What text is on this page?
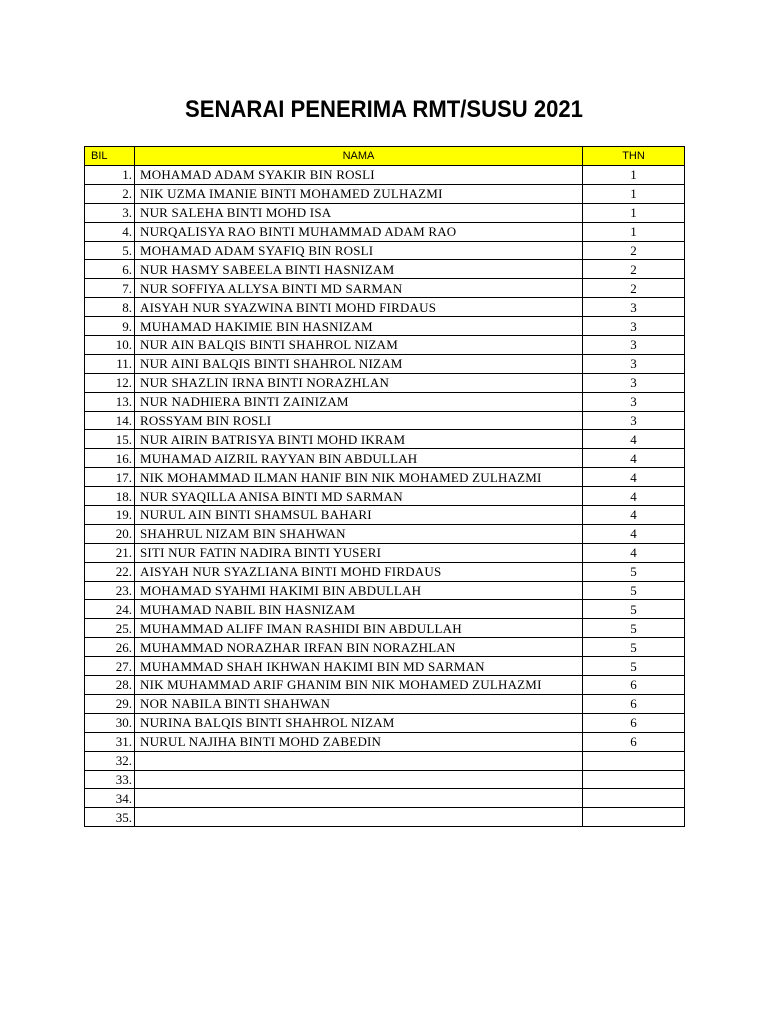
SENARAI PENERIMA RMT/SUSU 2021
BIL	NAMA	THN
1.	MOHAMAD ADAM SYAKIR BIN ROSLI	1
2.	NIK UZMA IMANIE BINTI MOHAMED ZULHAZMI	1
3.	NUR SALEHA BINTI MOHD ISA	1
4.	NURQALISYA RAO BINTI MUHAMMAD ADAM RAO	1
5.	MOHAMAD ADAM SYAFIQ BIN ROSLI	2
6.	NUR HASMY SABEELA BINTI HASNIZAM	2
7.	NUR SOFFIYA ALLYSA BINTI MD SARMAN	2
8.	AISYAH NUR SYAZWINA BINTI MOHD FIRDAUS	3
9.	MUHAMAD HAKIMIE BIN HASNIZAM	3
10.	NUR AIN BALQIS BINTI SHAHROL NIZAM	3
11.	NUR AINI BALQIS BINTI SHAHROL NIZAM	3
12.	NUR SHAZLIN IRNA BINTI NORAZHLAN	3
13.	NUR NADHIERA BINTI ZAINIZAM	3
14.	ROSSYAM BIN ROSLI	3
15.	NUR AIRIN BATRISYA BINTI MOHD IKRAM	4
16.	MUHAMAD AIZRIL RAYYAN BIN ABDULLAH	4
17.	NIK MOHAMMAD ILMAN HANIF BIN NIK MOHAMED ZULHAZMI	4
18.	NUR SYAQILLA ANISA BINTI MD SARMAN	4
19.	NURUL AIN BINTI SHAMSUL BAHARI	4
20.	SHAHRUL NIZAM BIN SHAHWAN	4
21.	SITI NUR FATIN NADIRA BINTI YUSERI	4
22.	AISYAH NUR SYAZLIANA BINTI MOHD FIRDAUS	5
23.	MOHAMAD SYAHMI HAKIMI BIN ABDULLAH	5
24.	MUHAMAD NABIL BIN HASNIZAM	5
25.	MUHAMMAD ALIFF IMAN RASHIDI BIN ABDULLAH	5
26.	MUHAMMAD NORAZHAR IRFAN BIN NORAZHLAN	5
27.	MUHAMMAD SHAH IKHWAN HAKIMI BIN MD SARMAN	5
28.	NIK MUHAMMAD ARIF GHANIM BIN NIK MOHAMED ZULHAZMI	6
29.	NOR NABILA BINTI SHAHWAN	6
30.	NURINA BALQIS BINTI SHAHROL NIZAM	6
31.	NURUL NAJIHA BINTI MOHD ZABEDIN	6
32.		
33.		
34.		
35.		
